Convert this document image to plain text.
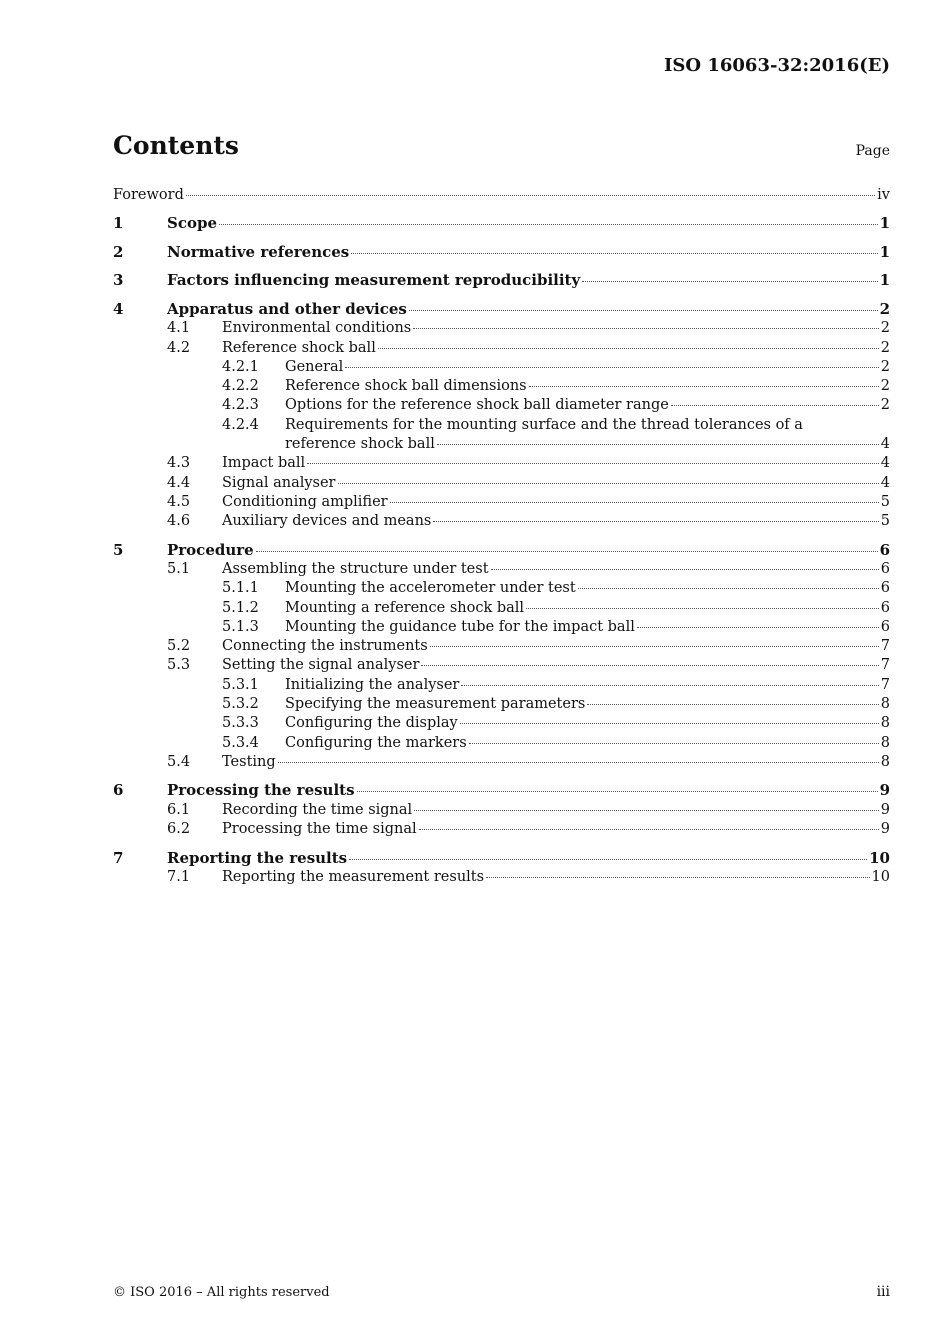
ISO 16063-32:2016(E)
Contents	Page
Foreword	iv
1	Scope	1
2	Normative references	1
3	Factors influencing measurement reproducibility	1
4	Apparatus and other devices	2
4.1 Environmental conditions	2
4.2 Reference shock ball	2
4.2.1 General	2
4.2.2 Reference shock ball dimensions	2
4.2.3 Options for the reference shock ball diameter range	2
4.2.4 Requirements for the mounting surface and the thread tolerances of a
reference shock ball	4
4.3 Impact ball	4
4.4 Signal analyser	4
4.5 Conditioning amplifier	5
4.6 Auxiliary devices and means	5
5	Procedure	6
5.1 Assembling the structure under test	6
5.1.1 Mounting the accelerometer under test	6
5.1.2 Mounting a reference shock ball	6
5.1.3 Mounting the guidance tube for the impact ball	6
5.2 Connecting the instruments	7
5.3 Setting the signal analyser	7
5.3.1 Initializing the analyser	7
5.3.2 Specifying the measurement parameters	8
5.3.3 Configuring the display	8
5.3.4 Configuring the markers	8
5.4 Testing	8
6	Processing the results	9
6.1 Recording the time signal	9
6.2 Processing the time signal	9
7	Reporting the results	10
7.1 Reporting the measurement results	10
© ISO 2016 – All rights reserved	iii
